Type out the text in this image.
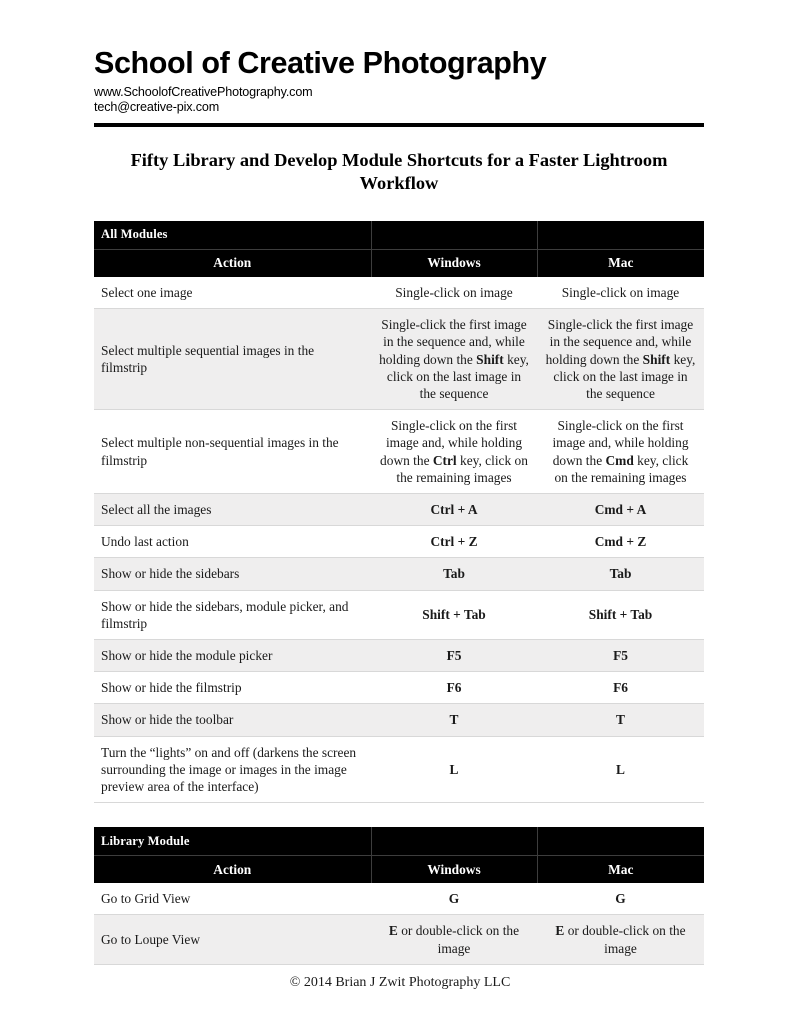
School of Creative Photography
www.SchoolofCreativePhotography.com
tech@creative-pix.com
Fifty Library and Develop Module Shortcuts for a Faster Lightroom Workflow
All Modules		
Action	Windows	Mac
Select one image	Single-click on image	Single-click on image
Select multiple sequential images in the filmstrip	Single-click the first image in the sequence and, while holding down the Shift key, click on the last image in the sequence	Single-click the first image in the sequence and, while holding down the Shift key, click on the last image in the sequence
Select multiple non-sequential images in the filmstrip	Single-click on the first image and, while holding down the Ctrl key, click on the remaining images	Single-click on the first image and, while holding down the Cmd key, click on the remaining images
Select all the images	Ctrl + A	Cmd + A
Undo last action	Ctrl + Z	Cmd + Z
Show or hide the sidebars	Tab	Tab
Show or hide the sidebars, module picker, and filmstrip	Shift + Tab	Shift + Tab
Show or hide the module picker	F5	F5
Show or hide the filmstrip	F6	F6
Show or hide the toolbar	T	T
Turn the “lights” on and off (darkens the screen surrounding the image or images in the image preview area of the interface)	L	L
Library Module		
Action	Windows	Mac
Go to Grid View	G	G
Go to Loupe View	E or double-click on the image	E or double-click on the image
© 2014 Brian J Zwit Photography LLC
